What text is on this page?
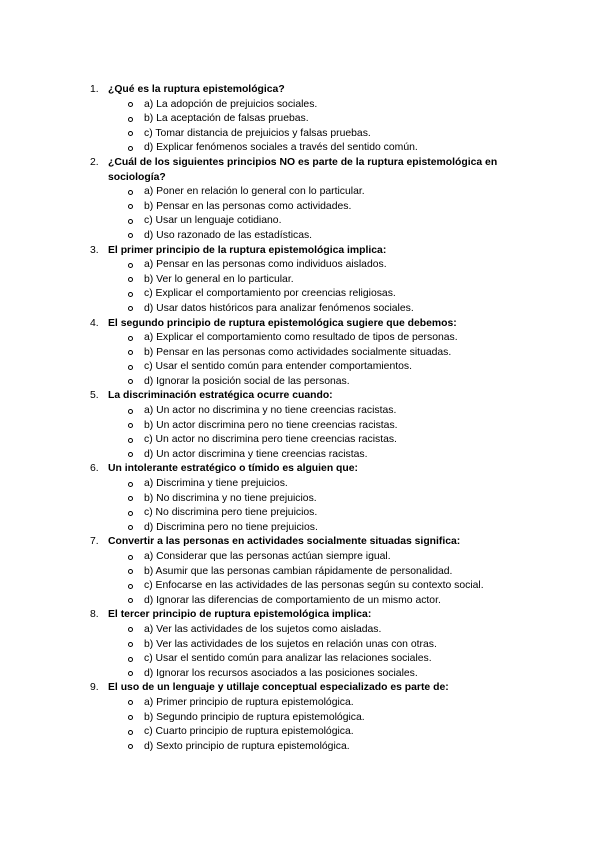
1. ¿Qué es la ruptura epistemológica?
a) La adopción de prejuicios sociales.
b) La aceptación de falsas pruebas.
c) Tomar distancia de prejuicios y falsas pruebas.
d) Explicar fenómenos sociales a través del sentido común.
2. ¿Cuál de los siguientes principios NO es parte de la ruptura epistemológica en sociología?
a) Poner en relación lo general con lo particular.
b) Pensar en las personas como actividades.
c) Usar un lenguaje cotidiano.
d) Uso razonado de las estadísticas.
3. El primer principio de la ruptura epistemológica implica:
a) Pensar en las personas como individuos aislados.
b) Ver lo general en lo particular.
c) Explicar el comportamiento por creencias religiosas.
d) Usar datos históricos para analizar fenómenos sociales.
4. El segundo principio de ruptura epistemológica sugiere que debemos:
a) Explicar el comportamiento como resultado de tipos de personas.
b) Pensar en las personas como actividades socialmente situadas.
c) Usar el sentido común para entender comportamientos.
d) Ignorar la posición social de las personas.
5. La discriminación estratégica ocurre cuando:
a) Un actor no discrimina y no tiene creencias racistas.
b) Un actor discrimina pero no tiene creencias racistas.
c) Un actor no discrimina pero tiene creencias racistas.
d) Un actor discrimina y tiene creencias racistas.
6. Un intolerante estratégico o tímido es alguien que:
a) Discrimina y tiene prejuicios.
b) No discrimina y no tiene prejuicios.
c) No discrimina pero tiene prejuicios.
d) Discrimina pero no tiene prejuicios.
7. Convertir a las personas en actividades socialmente situadas significa:
a) Considerar que las personas actúan siempre igual.
b) Asumir que las personas cambian rápidamente de personalidad.
c) Enfocarse en las actividades de las personas según su contexto social.
d) Ignorar las diferencias de comportamiento de un mismo actor.
8. El tercer principio de ruptura epistemológica implica:
a) Ver las actividades de los sujetos como aisladas.
b) Ver las actividades de los sujetos en relación unas con otras.
c) Usar el sentido común para analizar las relaciones sociales.
d) Ignorar los recursos asociados a las posiciones sociales.
9. El uso de un lenguaje y utillaje conceptual especializado es parte de:
a) Primer principio de ruptura epistemológica.
b) Segundo principio de ruptura epistemológica.
c) Cuarto principio de ruptura epistemológica.
d) Sexto principio de ruptura epistemológica.
